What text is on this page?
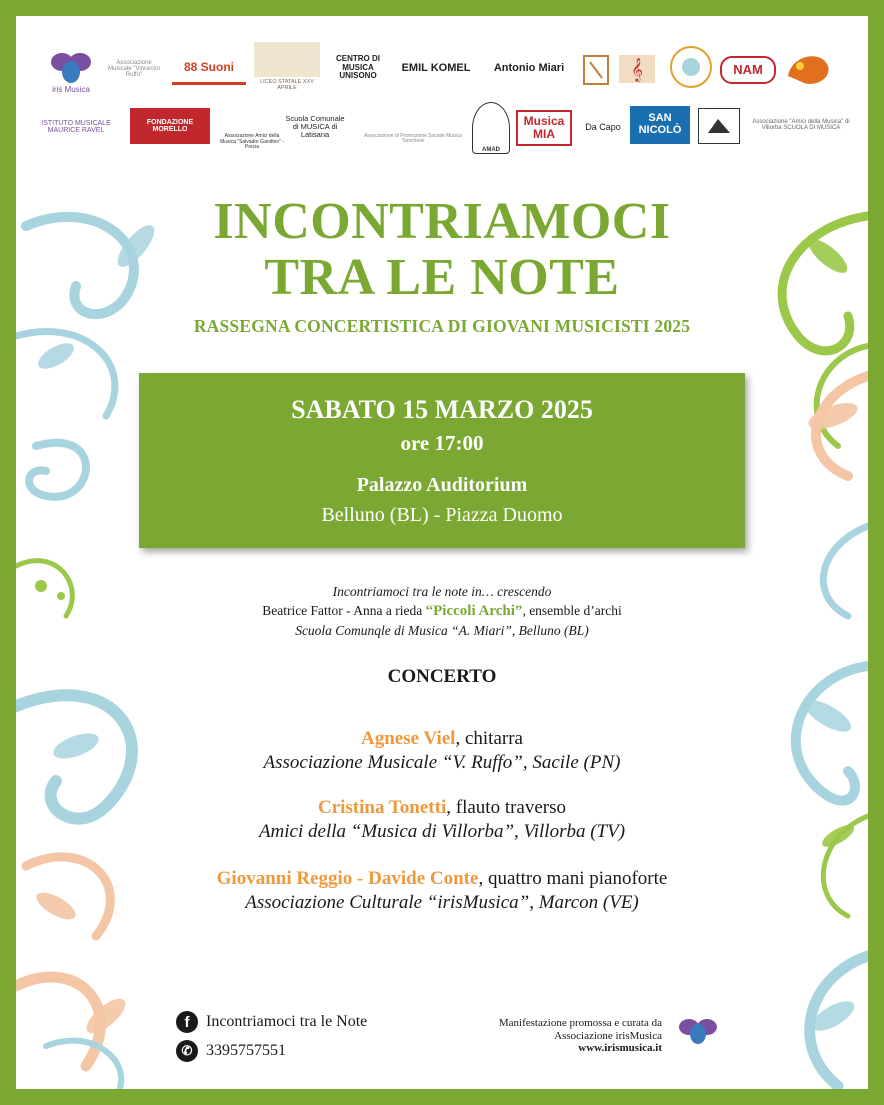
iris Musica
Associazione Musicale "Vincenzo Ruffo"
88 Suoni
LICEO STATALE XXV APRILE
CENTRO DI MUSICA UNISONO
EMIL KOMEL Antonio Miari	𝄞	NAM
ISTITUTO MUSICALE MAURICE RAVEL
FONDAZIONE MORELLO
Associazione Amici della Musica "Salvador Gandino" - Porcia
Scuola Comunale di MUSICA di Latisana	Associazione di Promozione Sociale Musica Tamchese
AMAD
Musica MIA	Da Capo
SAN NICOLÒ
Associazione "Amici della Musica" di Villorba SCUOLA DI MUSICA
INCONTRIAMOCI
TRA LE NOTE
RASSEGNA CONCERTISTICA DI GIOVANI MUSICISTI 2025
SABATO 15 MARZO 2025
ore 17:00
Palazzo Auditorium
Belluno (BL) - Piazza Duomo
Incontriamoci tra le note in… crescendo
Beatrice Fattor - Anna a rieda “Piccoli Archi”, ensemble d’archi
Scuola Comunqle di Musica “A. Miari”, Belluno (BL)
CONCERTO
Agnese Viel, chitarra
Associazione Musicale “V. Ruffo”, Sacile (PN)
Cristina Tonetti, flauto traverso
Amici della “Musica di Villorba”, Villorba (TV)
Giovanni Reggio - Davide Conte, quattro mani pianoforte
Associazione Culturale “irisMusica”, Marcon (VE)
f	Incontriamoci tra le Note
✆ 3395757551
Manifestazione promossa e curata da
Associazione irisMusica
www.irismusica.it
